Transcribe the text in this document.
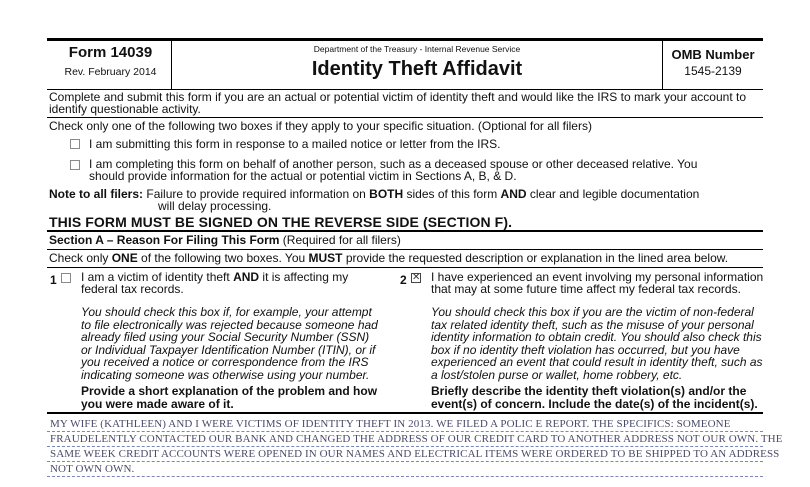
Form 14039
Rev. February 2014
Department of the Treasury - Internal Revenue Service
Identity Theft Affidavit
OMB Number
1545-2139
Complete and submit this form if you are an actual or potential victim of identity theft and would like the IRS to mark your account to
identify questionable activity.
Check only one of the following two boxes if they apply to your specific situation. (Optional for all filers)
I am submitting this form in response to a mailed notice or letter from the IRS.
I am completing this form on behalf of another person, such as a deceased spouse or other deceased relative. You
should provide information for the actual or potential victim in Sections A, B, & D.
Note to all filers: Failure to provide required information on BOTH sides of this form AND clear and legible documentation
will delay processing.
THIS FORM MUST BE SIGNED ON THE REVERSE SIDE (SECTION F).
Section A – Reason For Filing This Form (Required for all filers)
Check only ONE of the following two boxes. You MUST provide the requested description or explanation in the lined area below.
1 I am a victim of identity theft AND it is affecting my
federal tax records.
You should check this box if, for example, your attempt
to file electronically was rejected because someone had
already filed using your Social Security Number (SSN)
or Individual Taxpayer Identification Number (ITIN), or if
you received a notice or correspondence from the IRS
indicating someone was otherwise using your number.
Provide a short explanation of the problem and how
you were made aware of it.
2 ✕ I have experienced an event involving my personal information
that may at some future time affect my federal tax records.
You should check this box if you are the victim of non-federal
tax related identity theft, such as the misuse of your personal
identity information to obtain credit. You should also check this
box if no identity theft violation has occurred, but you have
experienced an event that could result in identity theft, such as
a lost/stolen purse or wallet, home robbery, etc.
Briefly describe the identity theft violation(s) and/or the
event(s) of concern. Include the date(s) of the incident(s).
MY WIFE (KATHLEEN) AND I WERE VICTIMS OF IDENTITY THEFT IN 2013. WE FILED A POLIC E REPORT. THE SPECIFICS: SOMEONE
FRAUDELENTLY CONTACTED OUR BANK AND CHANGED THE ADDRESS OF OUR CREDIT CARD TO ANOTHER ADDRESS NOT OUR OWN. THE
SAME WEEK CREDIT ACCOUNTS WERE OPENED IN OUR NAMES AND ELECTRICAL ITEMS WERE ORDERED TO BE SHIPPED TO AN ADDRESS
NOT OWN OWN.
